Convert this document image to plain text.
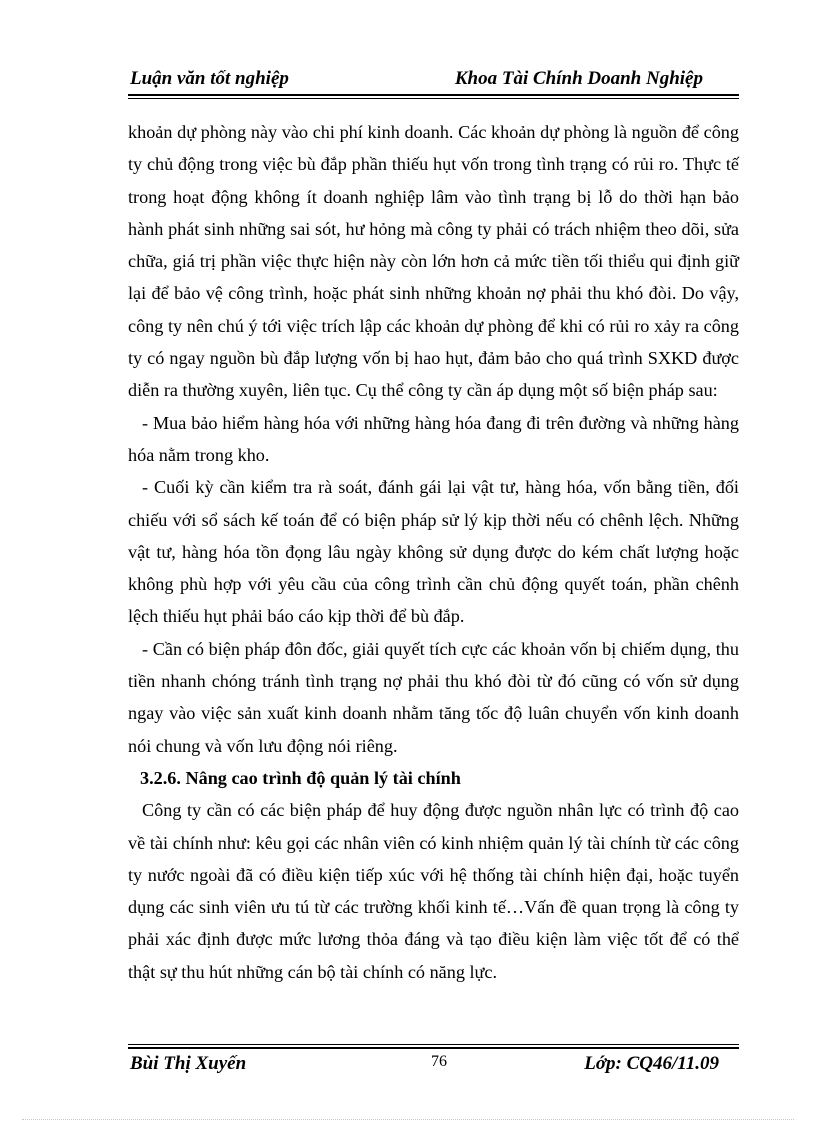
Luận văn tốt nghiệp	Khoa Tài Chính Doanh Nghiệp

khoản dự phòng này vào chi phí kinh doanh. Các khoản dự phòng là nguồn để công ty chủ động trong việc bù đắp phần thiếu hụt vốn trong tình trạng có rủi ro. Thực tế trong hoạt động không ít doanh nghiệp lâm vào tình trạng bị lỗ do thời hạn bảo hành phát sinh những sai sót, hư hỏng mà công ty phải có trách nhiệm theo dõi, sửa chữa, giá trị phần việc thực hiện này còn lớn hơn cả mức tiền tối thiểu qui định giữ lại để bảo vệ công trình, hoặc phát sinh những khoản nợ phải thu khó đòi. Do vậy, công ty nên chú ý tới việc trích lập các khoản dự phòng để khi có rủi ro xảy ra công ty có ngay nguồn bù đắp lượng vốn bị hao hụt, đảm bảo cho quá trình SXKD được diễn ra thường xuyên, liên tục. Cụ thể công ty cần áp dụng một số biện pháp sau:

- Mua bảo hiểm hàng hóa với những hàng hóa đang đi trên đường và những hàng hóa nằm trong kho.

- Cuối kỳ cần kiểm tra rà soát, đánh gái lại vật tư, hàng hóa, vốn bằng tiền, đối chiếu với sổ sách kế toán để có biện pháp sử lý kịp thời nếu có chênh lệch. Những vật tư, hàng hóa tồn đọng lâu ngày không sử dụng được do kém chất lượng hoặc không phù hợp với yêu cầu của công trình cần chủ động quyết toán, phần chênh lệch thiếu hụt phải báo cáo kịp thời để bù đắp.

- Cần có biện pháp đôn đốc, giải quyết tích cực các khoản vốn bị chiếm dụng, thu tiền nhanh chóng tránh tình trạng nợ phải thu khó đòi từ đó cũng có vốn sử dụng ngay vào việc sản xuất kinh doanh nhằm tăng tốc độ luân chuyển vốn kinh doanh nói chung và vốn lưu động nói riêng.

3.2.6. Nâng cao trình độ quản lý tài chính

Công ty cần có các biện pháp để huy động được nguồn nhân lực có trình độ cao về tài chính như: kêu gọi các nhân viên có kinh nhiệm quản lý tài chính từ các công ty nước ngoài đã có điều kiện tiếp xúc với hệ thống tài chính hiện đại, hoặc tuyển dụng các sinh viên ưu tú từ các trường khối kinh tế…Vấn đề quan trọng là công ty phải xác định được mức lương thỏa đáng và tạo điều kiện làm việc tốt để có thể thật sự thu hút những cán bộ tài chính có năng lực.

Bùi Thị Xuyến	76	Lớp: CQ46/11.09
